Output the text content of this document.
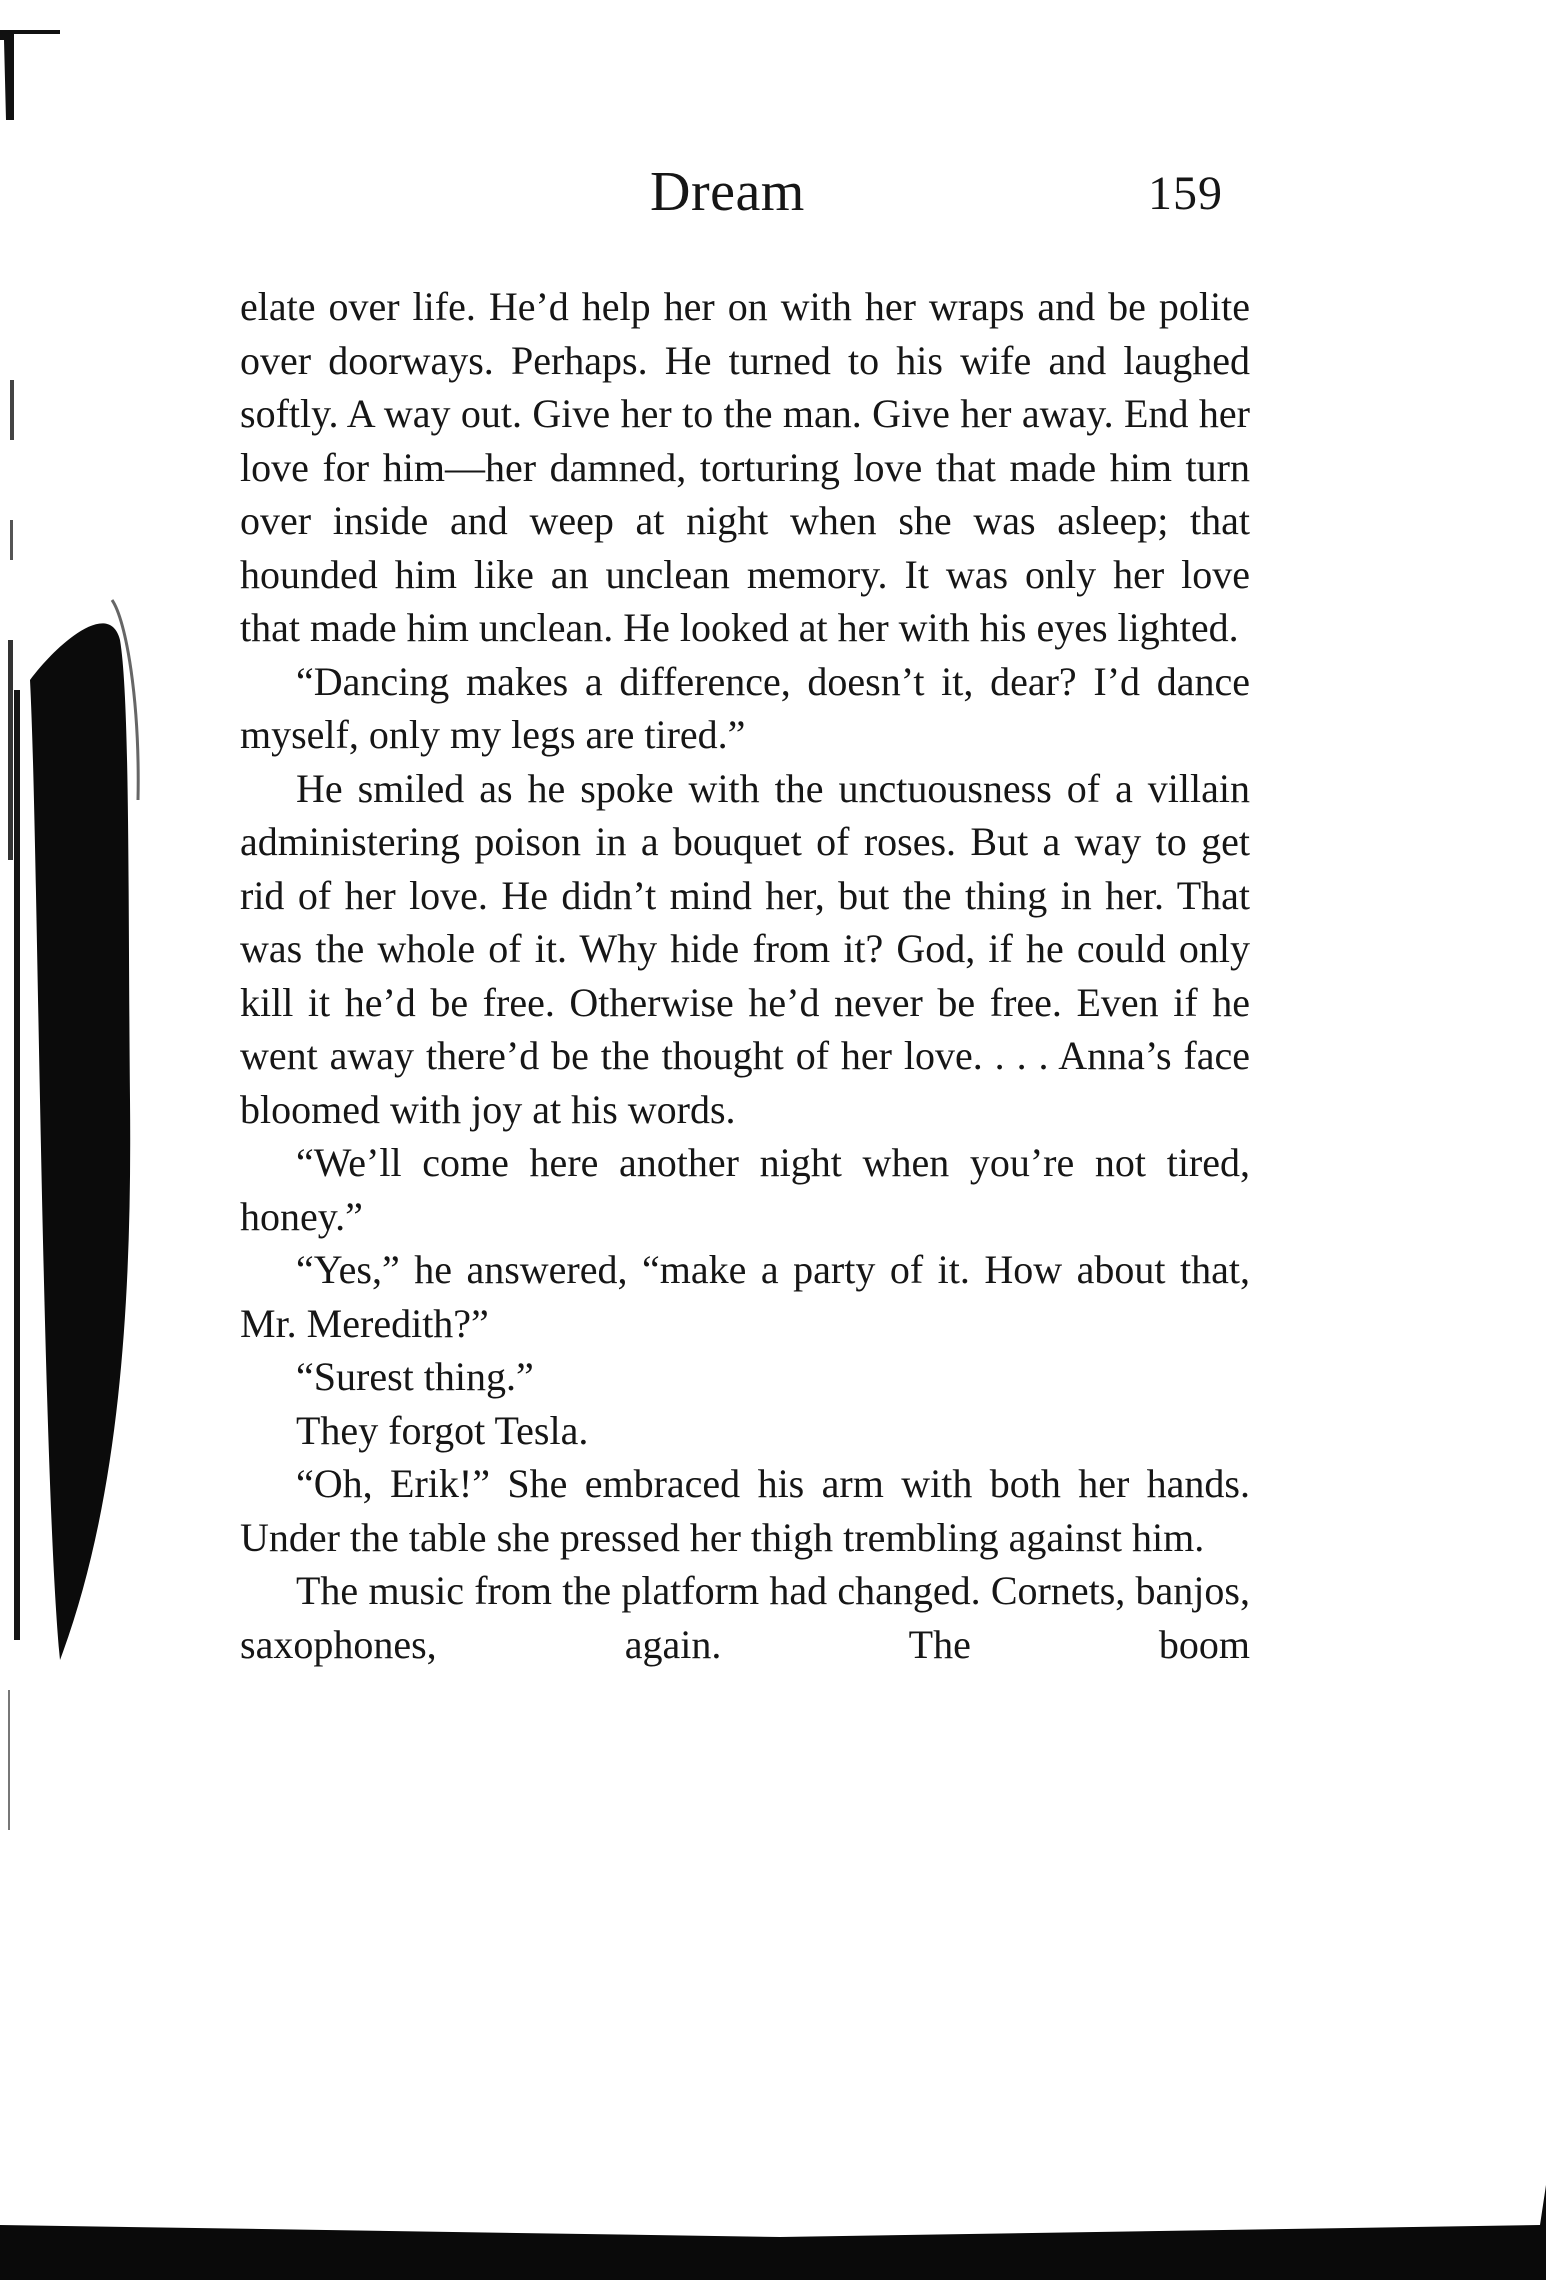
Dream	159

elate over life. He’d help her on with her wraps and be polite over doorways. Perhaps. He turned to his wife and laughed softly. A way out. Give her to the man. Give her away. End her love for him—her damned, torturing love that made him turn over inside and weep at night when she was asleep; that hounded him like an unclean memory. It was only her love that made him unclean. He looked at her with his eyes lighted.

“Dancing makes a difference, doesn’t it, dear? I’d dance myself, only my legs are tired.”

He smiled as he spoke with the unctuousness of a villain administering poison in a bouquet of roses. But a way to get rid of her love. He didn’t mind her, but the thing in her. That was the whole of it. Why hide from it? God, if he could only kill it he’d be free. Otherwise he’d never be free. Even if he went away there’d be the thought of her love. . . . Anna’s face bloomed with joy at his words.

“We’ll come here another night when you’re not tired, honey.”

“Yes,” he answered, “make a party of it. How about that, Mr. Meredith?”

“Surest thing.”

They forgot Tesla.

“Oh, Erik!” She embraced his arm with both her hands. Under the table she pressed her thigh trembling against him.

The music from the platform had changed. Cornets, banjos, saxophones, again. The boom
